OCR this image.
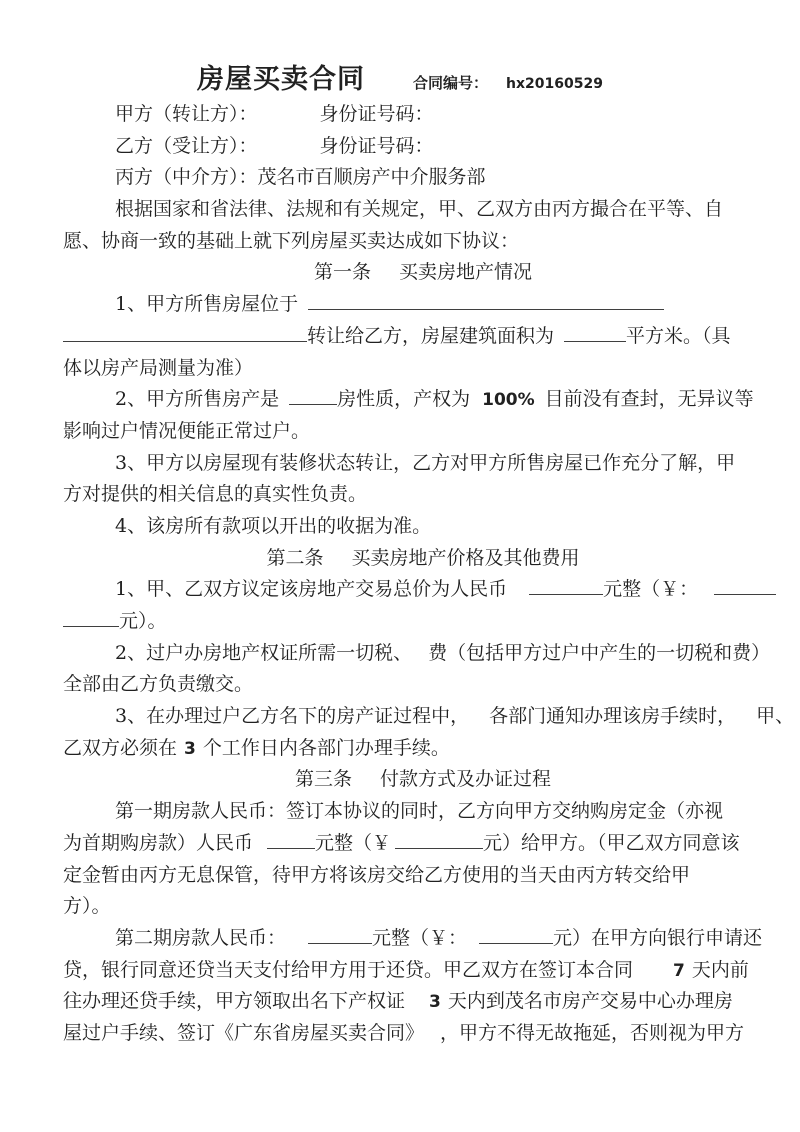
房屋买卖合同	合同编号： hx20160529
甲方（转让方）：	身份证号码：
乙方（受让方）：	身份证号码：
丙方（中介方）：茂名市百顺房产中介服务部
根据国家和省法律、法规和有关规定，甲、乙双方由丙方撮合在平等、自
愿、协商一致的基础上就下列房屋买卖达成如下协议：
第一条 买卖房地产情况
1、甲方所售房屋位于
转让给乙方，房屋建筑面积为	平方米。（具
体以房产局测量为准）
2、甲方所售房产是	房性质，产权为 100% 目前没有查封，无异议等
影响过户情况便能正常过户。
3、甲方以房屋现有装修状态转让，乙方对甲方所售房屋已作充分了解，甲
方对提供的相关信息的真实性负责。
4、该房所有款项以开出的收据为准。
第二条 买卖房地产价格及其他费用
1、甲、乙双方议定该房地产交易总价为人民币	元整（￥：
元）。
2、过户办房地产权证所需一切税、 费（包括甲方过户中产生的一切税和费）
全部由乙方负责缴交。
3、在办理过户乙方名下的房产证过程中， 各部门通知办理该房手续时， 甲、
乙双方必须在 3 个工作日内各部门办理手续。
第三条 付款方式及办证过程
第一期房款人民币：签订本协议的同时，乙方向甲方交纳购房定金（亦视
为首期购房款）人民币	元整（￥	元）给甲方。（甲乙双方同意该
定金暂由丙方无息保管，待甲方将该房交给乙方使用的当天由丙方转交给甲
方）。
第二期房款人民币：	元整（￥：	元）在甲方向银行申请还
贷，银行同意还贷当天支付给甲方用于还贷。甲乙双方在签订本合同 7 天内前
往办理还贷手续，甲方领取出名下产权证 3 天内到茂名市房产交易中心办理房
屋过户手续、签订《广东省房屋买卖合同》 ，甲方不得无故拖延，否则视为甲方
